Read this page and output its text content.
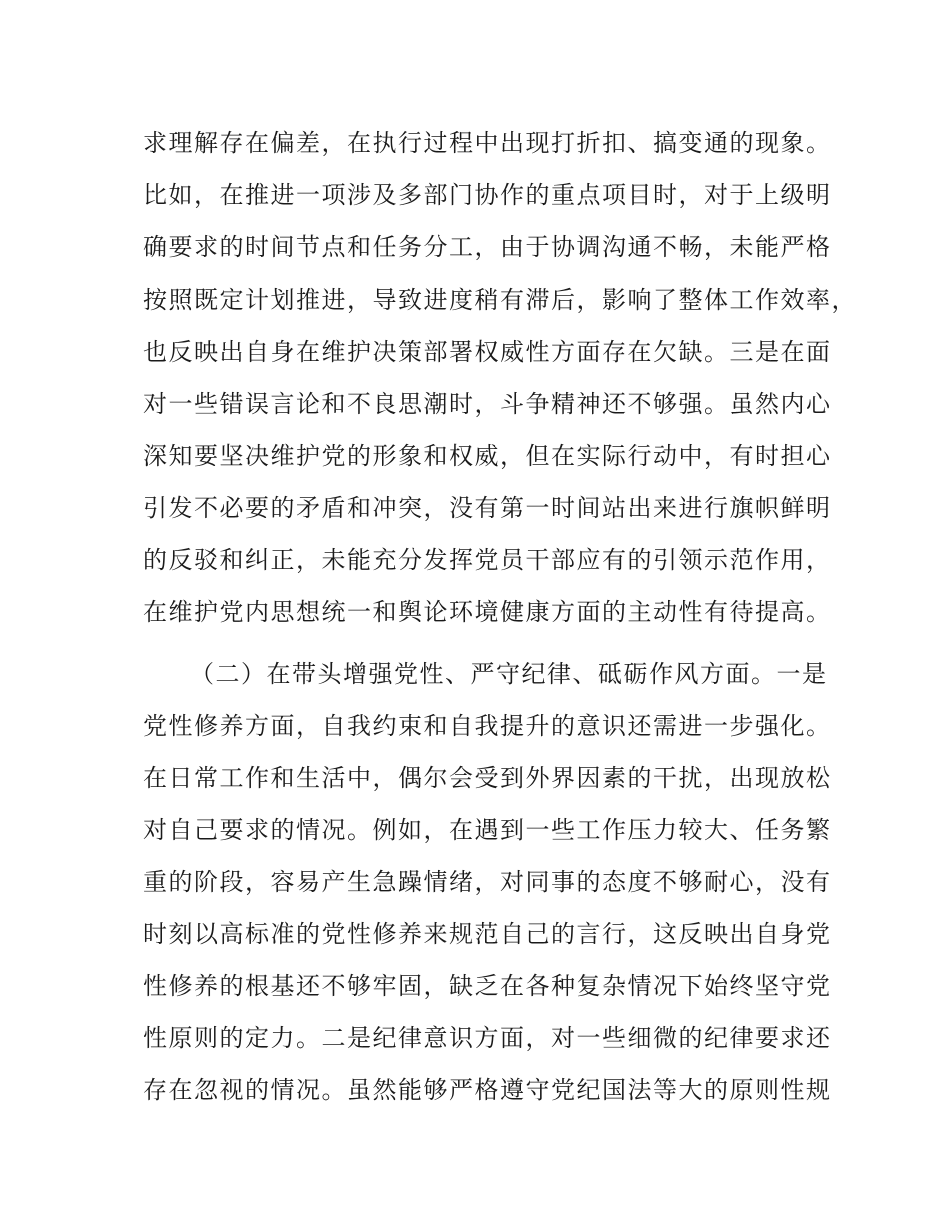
求理解存在偏差，在执行过程中出现打折扣、搞变通的现象。
比如，在推进一项涉及多部门协作的重点项目时，对于上级明
确要求的时间节点和任务分工，由于协调沟通不畅，未能严格
按照既定计划推进，导致进度稍有滞后，影响了整体工作效率，
也反映出自身在维护决策部署权威性方面存在欠缺。三是在面
对一些错误言论和不良思潮时，斗争精神还不够强。虽然内心
深知要坚决维护党的形象和权威，但在实际行动中，有时担心
引发不必要的矛盾和冲突，没有第一时间站出来进行旗帜鲜明
的反驳和纠正，未能充分发挥党员干部应有的引领示范作用，
在维护党内思想统一和舆论环境健康方面的主动性有待提高。
（二）在带头增强党性、严守纪律、砥砺作风方面。一是
党性修养方面，自我约束和自我提升的意识还需进一步强化。
在日常工作和生活中，偶尔会受到外界因素的干扰，出现放松
对自己要求的情况。例如，在遇到一些工作压力较大、任务繁
重的阶段，容易产生急躁情绪，对同事的态度不够耐心，没有
时刻以高标准的党性修养来规范自己的言行，这反映出自身党
性修养的根基还不够牢固，缺乏在各种复杂情况下始终坚守党
性原则的定力。二是纪律意识方面，对一些细微的纪律要求还
存在忽视的情况。虽然能够严格遵守党纪国法等大的原则性规
